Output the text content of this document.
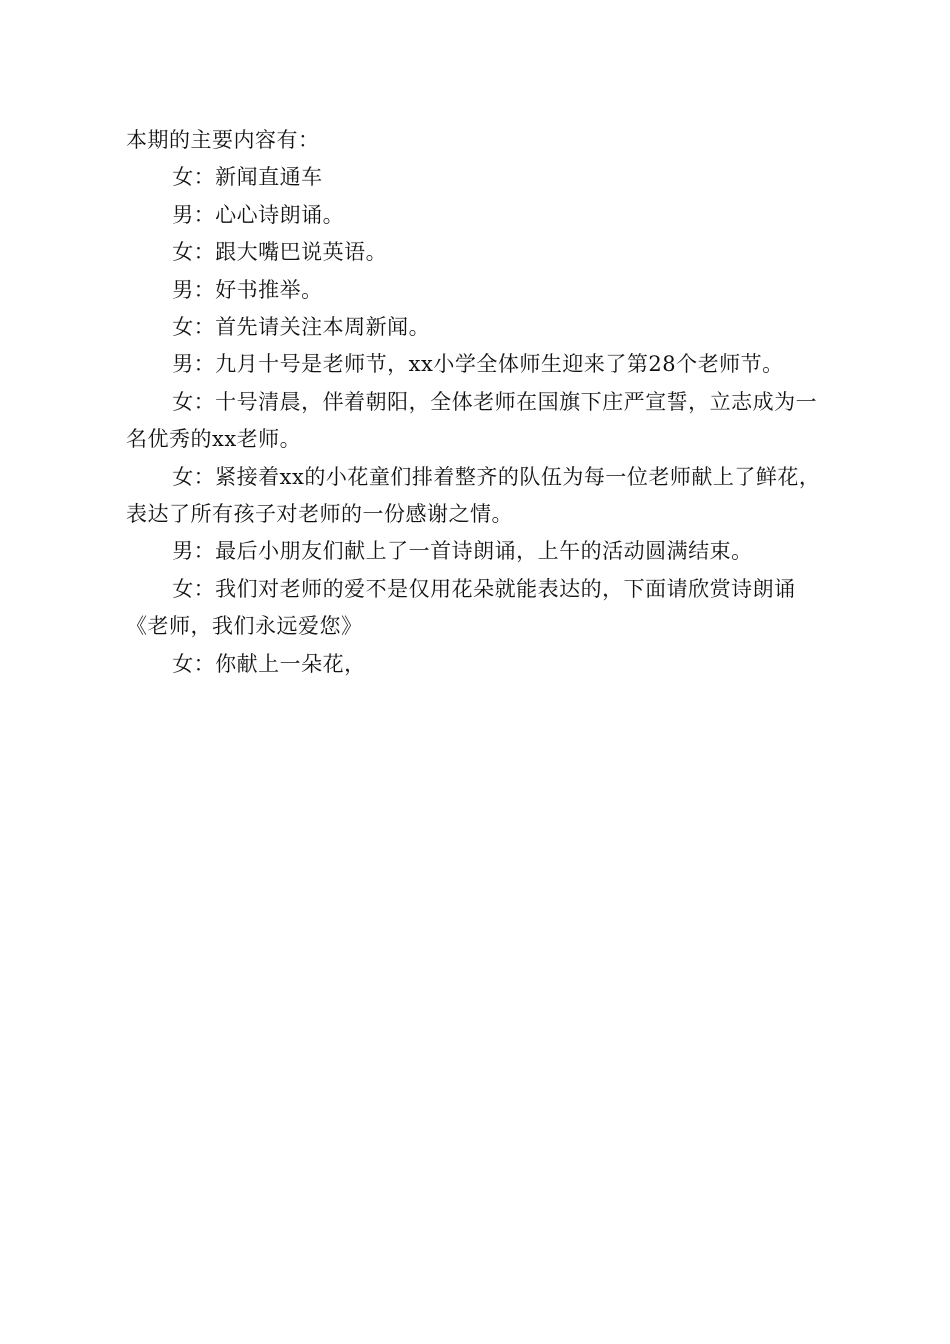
本期的主要内容有：

女：新闻直通车

男：心心诗朗诵。

女：跟大嘴巴说英语。

男：好书推举。

女：首先请关注本周新闻。

男：九月十号是老师节，xx小学全体师生迎来了第28个老师节。

女：十号清晨，伴着朝阳，全体老师在国旗下庄严宣誓，立志成为一名优秀的xx老师。

女：紧接着xx的小花童们排着整齐的队伍为每一位老师献上了鲜花，表达了所有孩子对老师的一份感谢之情。

男：最后小朋友们献上了一首诗朗诵，上午的活动圆满结束。

女：我们对老师的爱不是仅用花朵就能表达的，下面请欣赏诗朗诵《老师，我们永远爱您》

女：你献上一朵花，
